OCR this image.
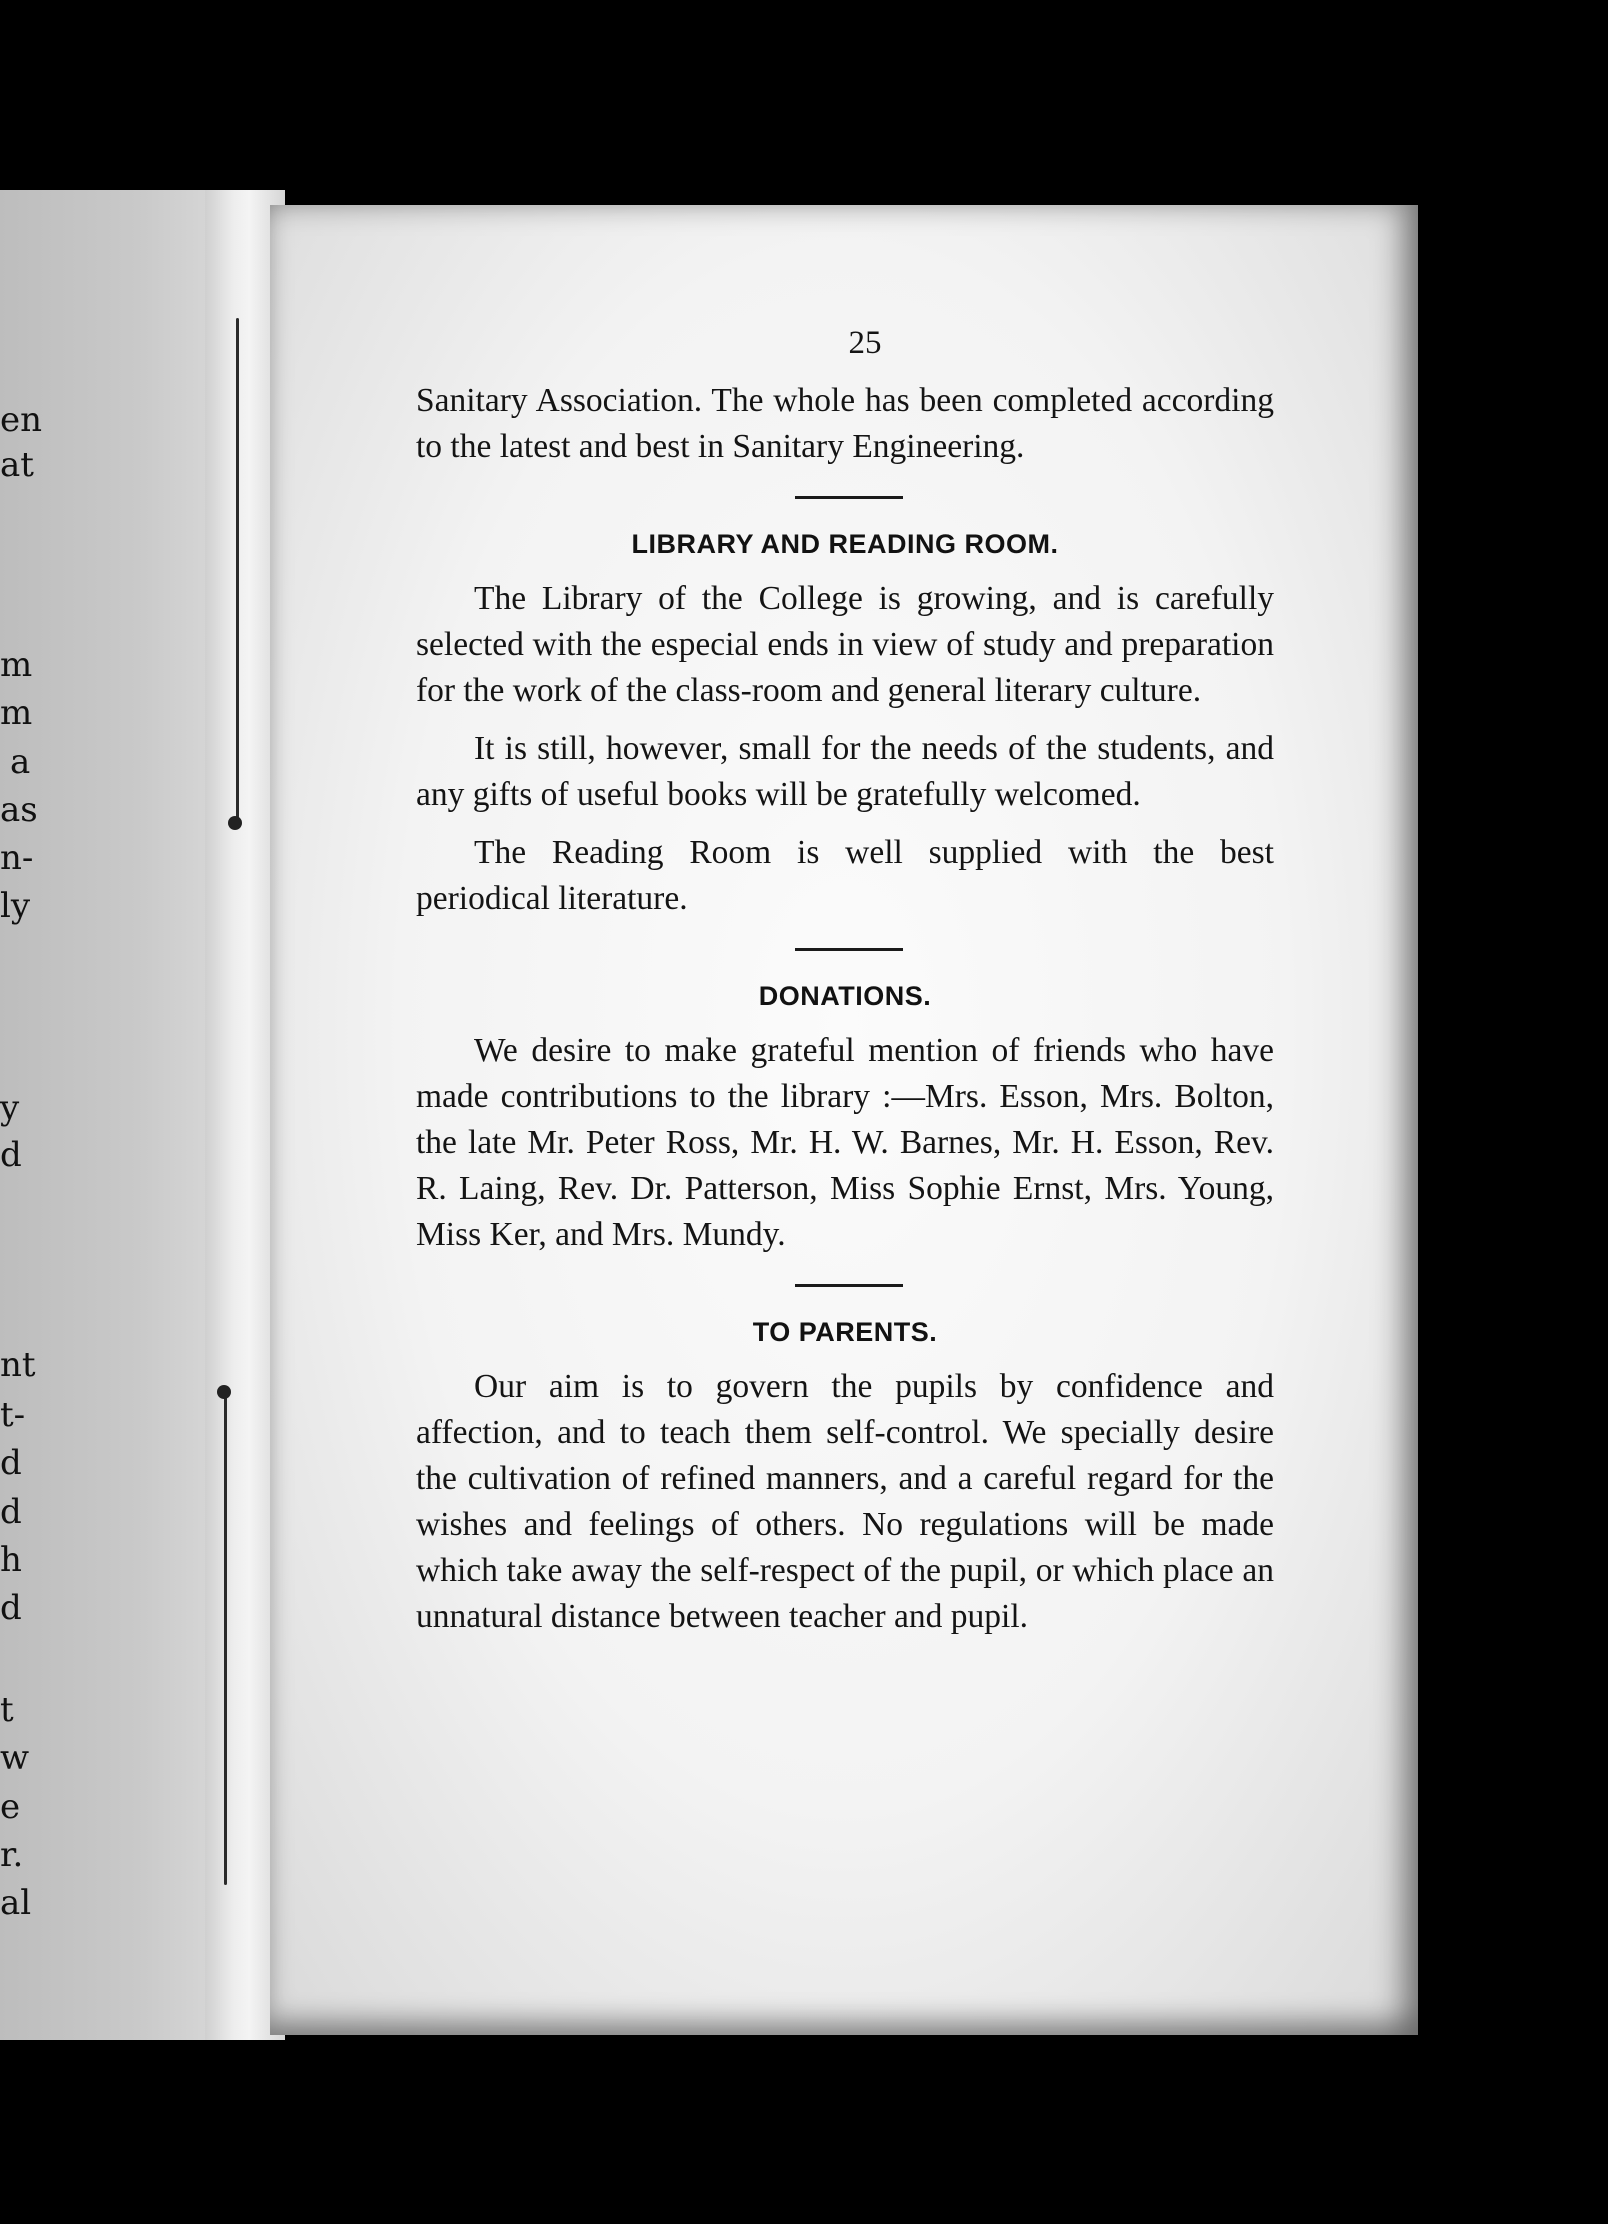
en
at
m
m
a
as
n-
ly
y
d
nt
t-
d
d
h
d
t
w
e
r.
al
25

Sanitary Association. The whole has been completed according to the latest and best in Sanitary Engineering.

LIBRARY AND READING ROOM.

The Library of the College is growing, and is carefully selected with the especial ends in view of study and preparation for the work of the class-room and general literary culture.

It is still, however, small for the needs of the students, and any gifts of useful books will be gratefully welcomed.

The Reading Room is well supplied with the best periodical literature.

DONATIONS.

We desire to make grateful mention of friends who have made contributions to the library :—Mrs. Esson, Mrs. Bolton, the late Mr. Peter Ross, Mr. H. W. Barnes, Mr. H. Esson, Rev. R. Laing, Rev. Dr. Patterson, Miss Sophie Ernst, Mrs. Young, Miss Ker, and Mrs. Mundy.

TO PARENTS.

Our aim is to govern the pupils by confidence and affection, and to teach them self-control. We specially desire the cultivation of refined manners, and a careful regard for the wishes and feelings of others. No regulations will be made which take away the self-respect of the pupil, or which place an unnatural distance between teacher and pupil.
